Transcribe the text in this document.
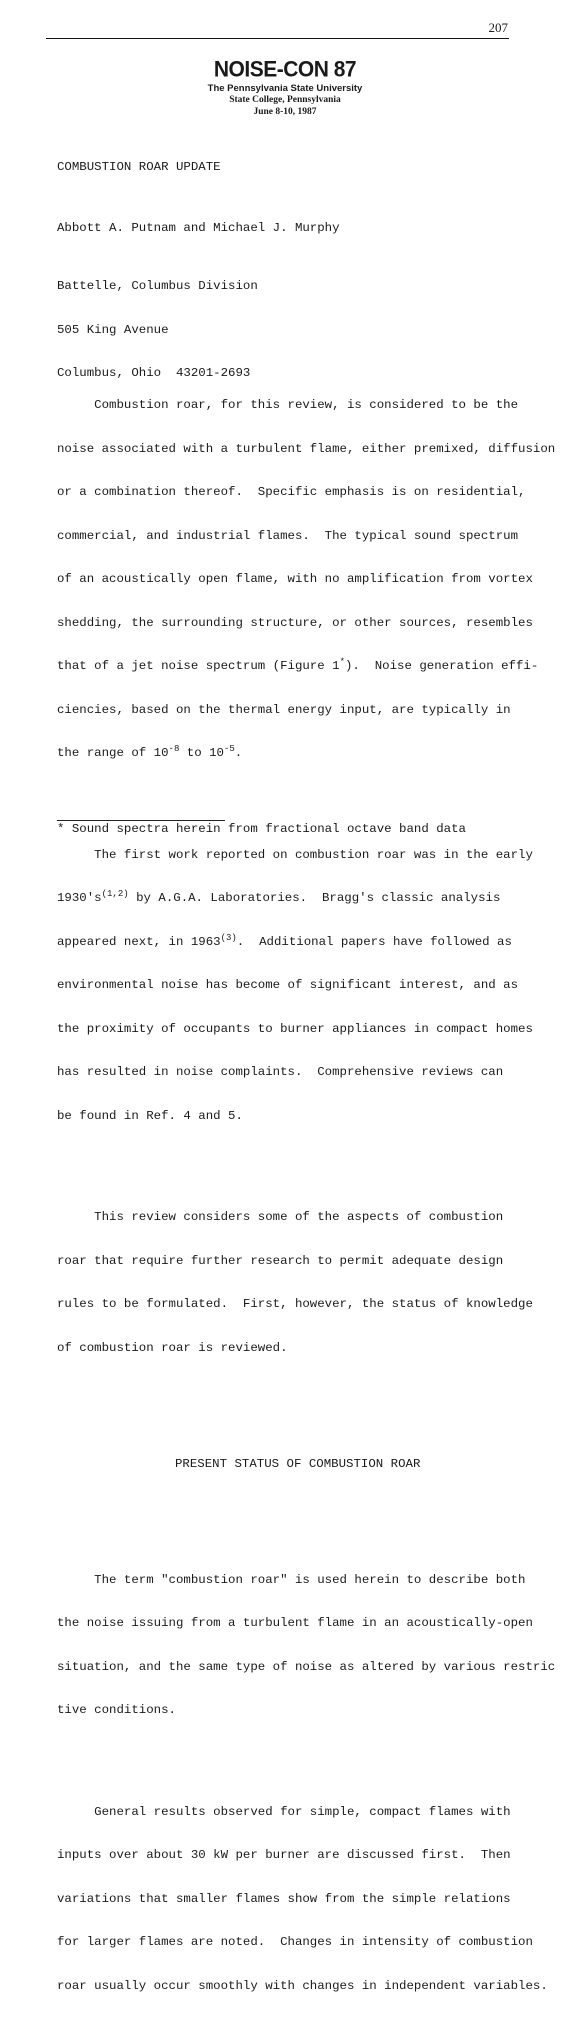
207
NOISE-CON 87
The Pennsylvania State University
State College, Pennsylvania
June 8-10, 1987
COMBUSTION ROAR UPDATE
Abbott A. Putnam and Michael J. Murphy

Battelle, Columbus Division

505 King Avenue

Columbus, Ohio  43201-2693

Combustion roar, for this review, is considered to be the

noise associated with a turbulent flame, either premixed, diffusion

or a combination thereof.  Specific emphasis is on residential,

commercial, and industrial flames.  The typical sound spectrum

of an acoustically open flame, with no amplification from vortex

shedding, the surrounding structure, or other sources, resembles

that of a jet noise spectrum (Figure 1*).  Noise generation effi-

ciencies, based on the thermal energy input, are typically in

the range of $10^{-8}$ to $10^{-5}$.

The first work reported on combustion roar was in the early

$1930's^{(1,2)}$ by A.G.A. Laboratories.  Bragg's classic analysis

appeared next, in 1963$^{(3)}$.  Additional papers have followed as

environmental noise has become of significant interest, and as

the proximity of occupants to burner appliances in compact homes

has resulted in noise complaints.  Comprehensive reviews can

be found in Ref. 4 and 5.

This review considers some of the aspects of combustion

roar that require further research to permit adequate design

rules to be formulated.  First, however, the status of knowledge

of combustion roar is reviewed.

PRESENT STATUS OF COMBUSTION ROAR

The term "combustion roar" is used herein to describe both

the noise issuing from a turbulent flame in an acoustically-open

situation, and the same type of noise as altered by various restric

tive conditions.

General results observed for simple, compact flames with

inputs over about 30 kW per burner are discussed first.  Then

variations that smaller flames show from the simple relations

for larger flames are noted.  Changes in intensity of combustion

roar usually occur smoothly with changes in independent variables.

* Sound spectra herein from fractional octave band data
